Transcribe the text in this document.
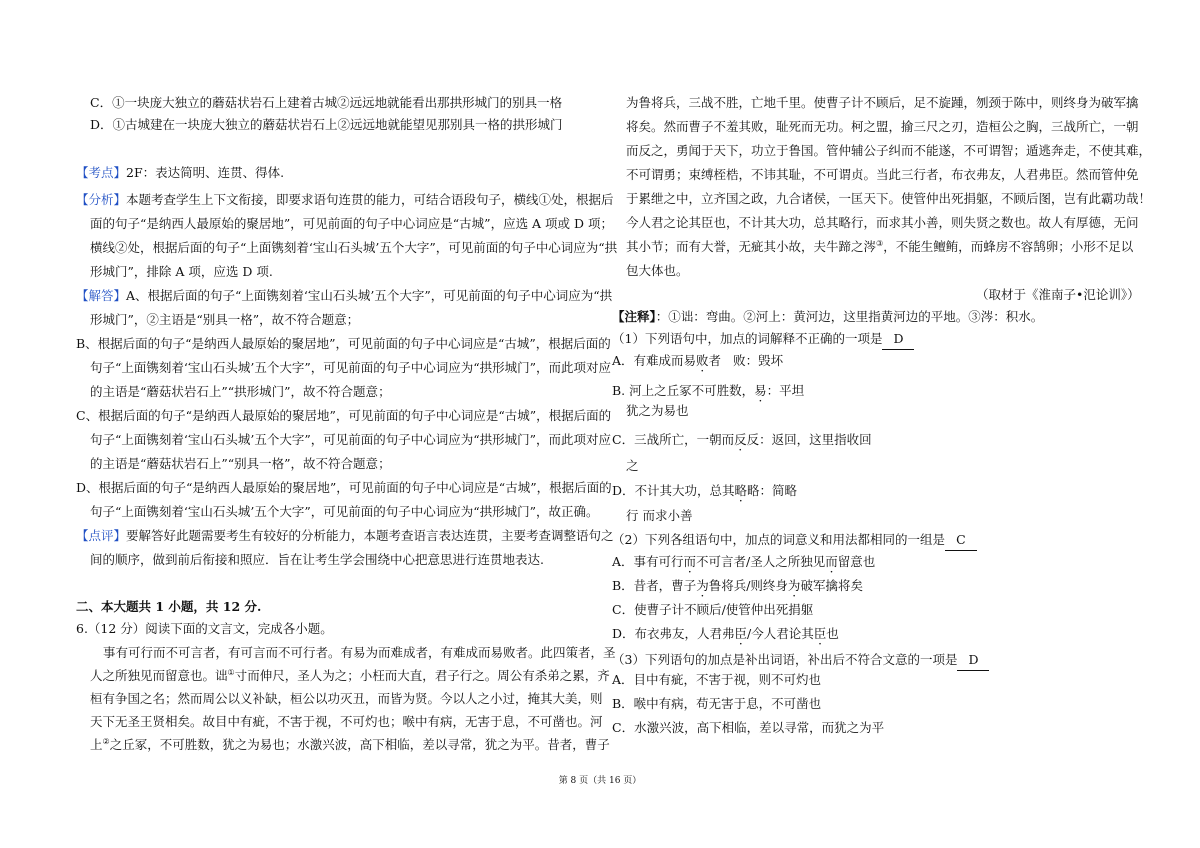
C．①一块庞大独立的蘑菇状岩石上建着古城②远远地就能看出那拱形城门的别具一格
D．①古城建在一块庞大独立的蘑菇状岩石上②远远地就能望见那别具一格的拱形城门
【考点】2F：表达简明、连贯、得体.
【分析】本题考查学生上下文衔接，即要求语句连贯的能力，可结合语段句子，横线①处，根据后
面的句子“是纳西人最原始的聚居地”，可见前面的句子中心词应是“古城”，应选 A 项或 D 项；
横线②处，根据后面的句子“上面镌刻着‘宝山石头城’五个大字”，可见前面的句子中心词应为“拱
形城门”，排除 A 项，应选 D 项.
【解答】A、根据后面的句子“上面镌刻着‘宝山石头城’五个大字”，可见前面的句子中心词应为“拱
形城门”，②主语是“别具一格”，故不符合题意；
B、根据后面的句子“是纳西人最原始的聚居地”，可见前面的句子中心词应是“古城”，根据后面的
句子“上面镌刻着‘宝山石头城’五个大字”，可见前面的句子中心词应为“拱形城门”，而此项对应
的主语是“蘑菇状岩石上”“拱形城门”，故不符合题意；
C、根据后面的句子“是纳西人最原始的聚居地”，可见前面的句子中心词应是“古城”，根据后面的
句子“上面镌刻着‘宝山石头城’五个大字”，可见前面的句子中心词应为“拱形城门”，而此项对应
的主语是“蘑菇状岩石上”“别具一格”，故不符合题意；
D、根据后面的句子“是纳西人最原始的聚居地”，可见前面的句子中心词应是“古城”，根据后面的
句子“上面镌刻着‘宝山石头城’五个大字”，可见前面的句子中心词应为“拱形城门”，故正确。
【点评】要解答好此题需要考生有较好的分析能力，本题考查语言表达连贯，主要考查调整语句之
间的顺序，做到前后衔接和照应．旨在让考生学会围绕中心把意思进行连贯地表达.
二、本大题共 1 小题，共 12 分.
6.（12 分）阅读下面的文言文，完成各小题。
事有可行而不可言者，有可言而不可行者。有易为而难成者，有难成而易败者。此四策者，圣
人之所独见而留意也。诎①寸而伸尺，圣人为之；小枉而大直，君子行之。周公有杀弟之累，齐
桓有争国之名；然而周公以义补缺，桓公以功灭丑，而皆为贤。今以人之小过，掩其大美，则
天下无圣王贤相矣。故目中有疵，不害于视，不可灼也；喉中有病，无害于息，不可凿也。河
上②之丘冢，不可胜数，犹之为易也；水激兴波，高下相临，差以寻常，犹之为平。昔者，曹子
为鲁将兵，三战不胜，亡地千里。使曹子计不顾后，足不旋踵，刎颈于陈中，则终身为破军擒
将矣。然而曹子不羞其败，耻死而无功。柯之盟，揄三尺之刃，造桓公之胸，三战所亡，一朝
而反之，勇闻于天下，功立于鲁国。管仲辅公子纠而不能遂，不可谓智；遁逃奔走，不使其难，
不可谓勇；束缚桎梏，不讳其耻，不可谓贞。当此三行者，布衣弗友，人君弗臣。然而管仲免
于累绁之中，立齐国之政，九合诸侯，一匡天下。使管仲出死捐躯，不顾后图，岂有此霸功哉！
今人君之论其臣也，不计其大功，总其略行，而求其小善，则失贤之数也。故人有厚德，无问
其小节；而有大誉，无疵其小故，夫牛蹄之涔③，不能生鳣鲔，而蜂房不容鹄卵；小形不足以
包大体也。
（取材于《淮南子•氾论训》）
【注释】：①诎：弯曲。②河上：黄河边，这里指黄河边的平地。③涔：积水。
（1）下列语句中，加点的词解释不正确的一项是 D
A．有难成而易败者 败：毁坏
B. 河上之丘冢不可胜数，易：平坦
犹之为易也
C．三战所亡，一朝而反反：返回，这里指收回
之
D．不计其大功，总其略略：简略
行 而求小善
（2）下列各组语句中，加点的词意义和用法都相同的一组是 C
A．事有可行而不可言者/圣人之所独见而留意也
B．昔者，曹子为鲁将兵/则终身为破军擒将矣
C．使曹子计不顾后/使管仲出死捐躯
D．布衣弗友，人君弗臣/今人君论其臣也
（3）下列语句的加点是补出词语，补出后不符合文意的一项是 D
A．目中有疵，不害于视，则不可灼也
B．喉中有病，苟无害于息，不可凿也
C．水激兴波，高下相临，差以寻常，而犹之为平
第 8 页（共 16 页）
